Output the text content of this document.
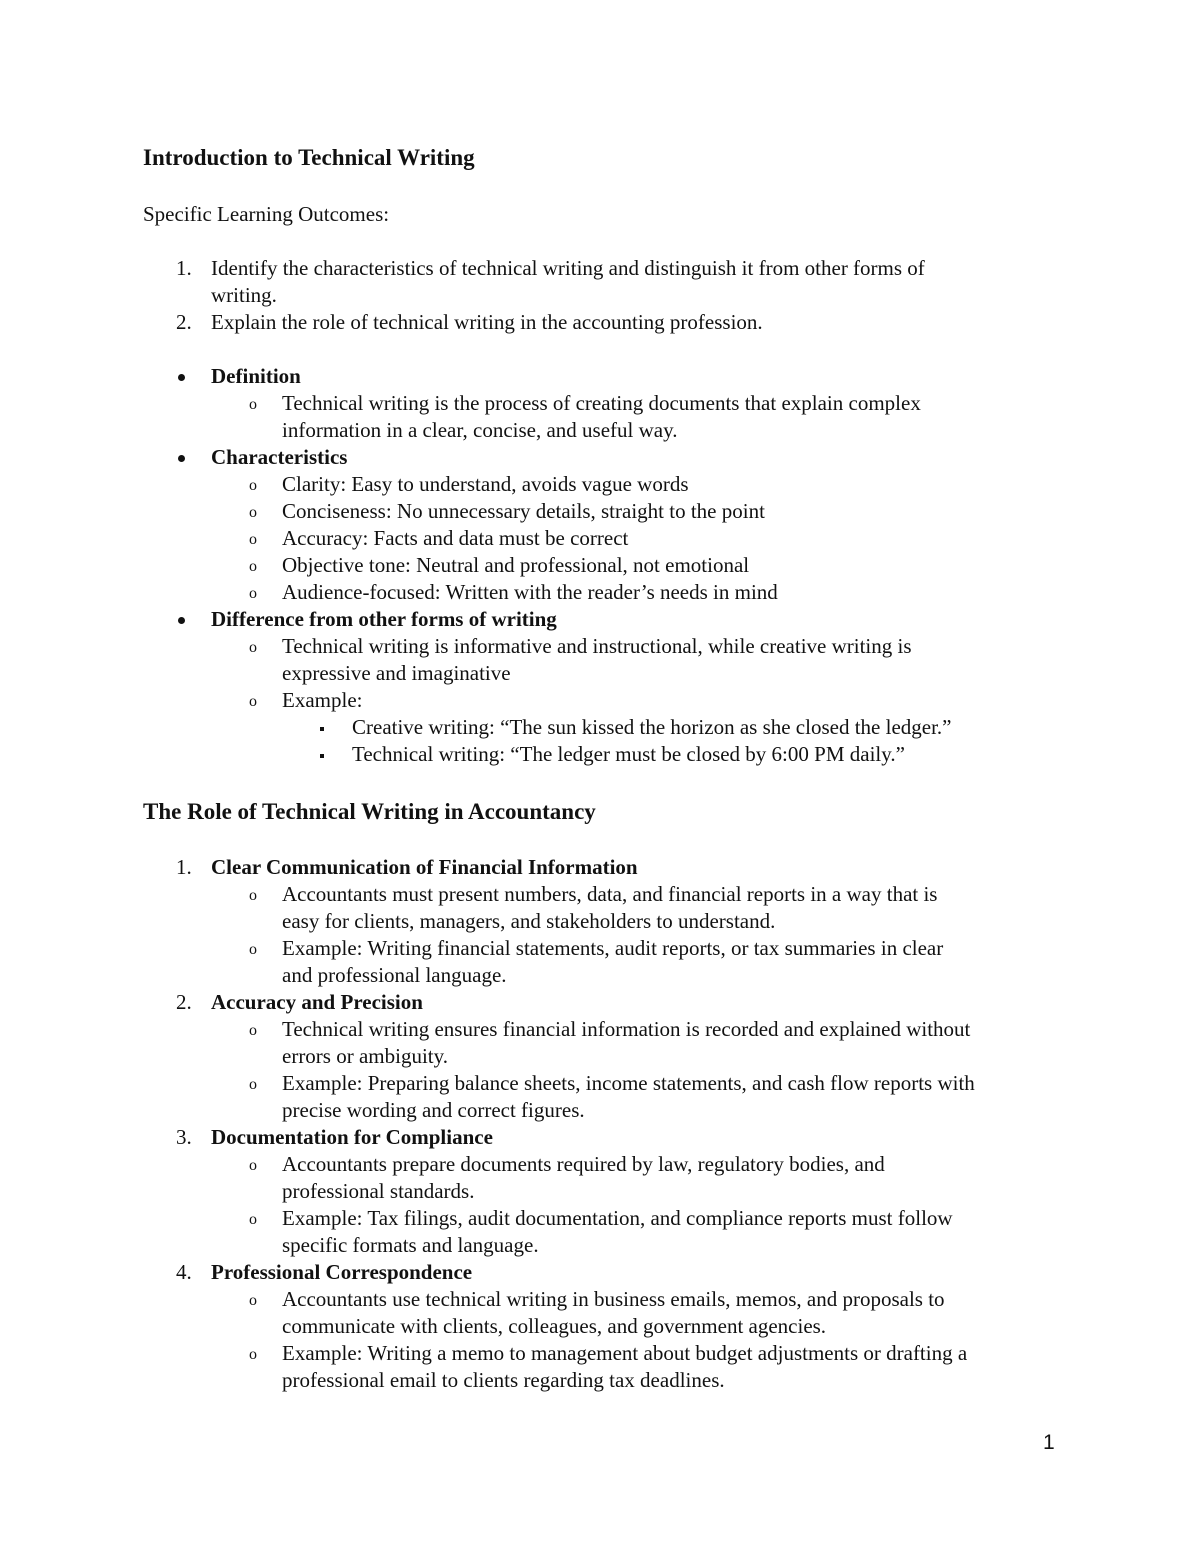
Introduction to Technical Writing
Specific Learning Outcomes:
The Role of Technical Writing in Accountancy
1
1. Identify the characteristics of technical writing and distinguish it from other forms of
writing.
2. Explain the role of technical writing in the accounting profession.
Definition
o Technical writing is the process of creating documents that explain complex
information in a clear, concise, and useful way.
Characteristics
o Clarity: Easy to understand, avoids vague words
o Conciseness: No unnecessary details, straight to the point
o Accuracy: Facts and data must be correct
o Objective tone: Neutral and professional, not emotional
o Audience-focused: Written with the reader’s needs in mind
Difference from other forms of writing
o Technical writing is informative and instructional, while creative writing is
expressive and imaginative
o Example:
Creative writing: “The sun kissed the horizon as she closed the ledger.”
Technical writing: “The ledger must be closed by 6:00 PM daily.”
1. Clear Communication of Financial Information
o Accountants must present numbers, data, and financial reports in a way that is
easy for clients, managers, and stakeholders to understand.
o Example: Writing financial statements, audit reports, or tax summaries in clear
and professional language.
2. Accuracy and Precision
o Technical writing ensures financial information is recorded and explained without
errors or ambiguity.
o Example: Preparing balance sheets, income statements, and cash flow reports with
precise wording and correct figures.
3. Documentation for Compliance
o Accountants prepare documents required by law, regulatory bodies, and
professional standards.
o Example: Tax filings, audit documentation, and compliance reports must follow
specific formats and language.
4. Professional Correspondence
o Accountants use technical writing in business emails, memos, and proposals to
communicate with clients, colleagues, and government agencies.
o Example: Writing a memo to management about budget adjustments or drafting a
professional email to clients regarding tax deadlines.
